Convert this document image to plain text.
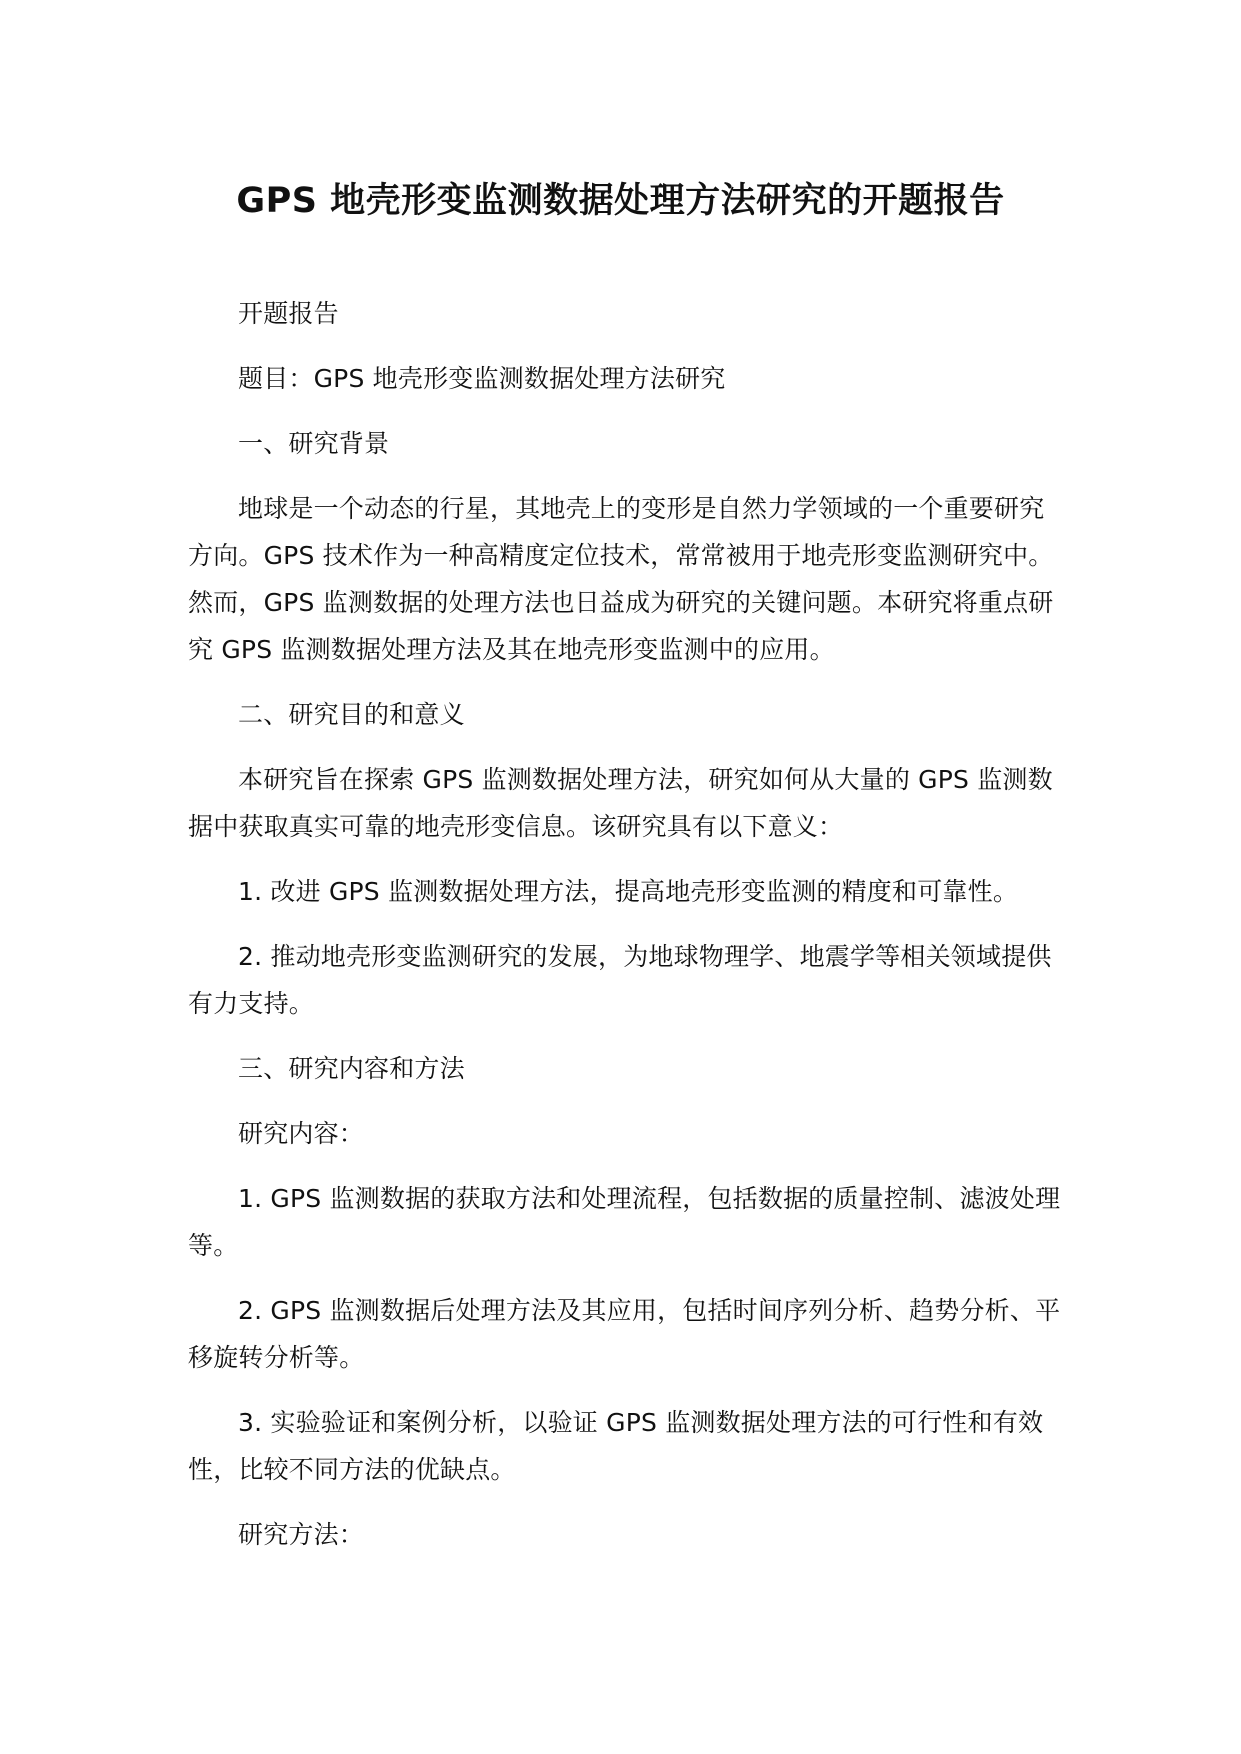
GPS 地壳形变监测数据处理方法研究的开题报告

开题报告

题目：GPS 地壳形变监测数据处理方法研究

一、研究背景

地球是一个动态的行星，其地壳上的变形是自然力学领域的一个重要研究方向。GPS 技术作为一种高精度定位技术，常常被用于地壳形变监测研究中。然而，GPS 监测数据的处理方法也日益成为研究的关键问题。本研究将重点研究 GPS 监测数据处理方法及其在地壳形变监测中的应用。

二、研究目的和意义

本研究旨在探索 GPS 监测数据处理方法，研究如何从大量的 GPS 监测数据中获取真实可靠的地壳形变信息。该研究具有以下意义：

1. 改进 GPS 监测数据处理方法，提高地壳形变监测的精度和可靠性。

2. 推动地壳形变监测研究的发展，为地球物理学、地震学等相关领域提供有力支持。

三、研究内容和方法

研究内容：

1. GPS 监测数据的获取方法和处理流程，包括数据的质量控制、滤波处理等。

2. GPS 监测数据后处理方法及其应用，包括时间序列分析、趋势分析、平移旋转分析等。

3. 实验验证和案例分析，以验证 GPS 监测数据处理方法的可行性和有效性，比较不同方法的优缺点。

研究方法：
